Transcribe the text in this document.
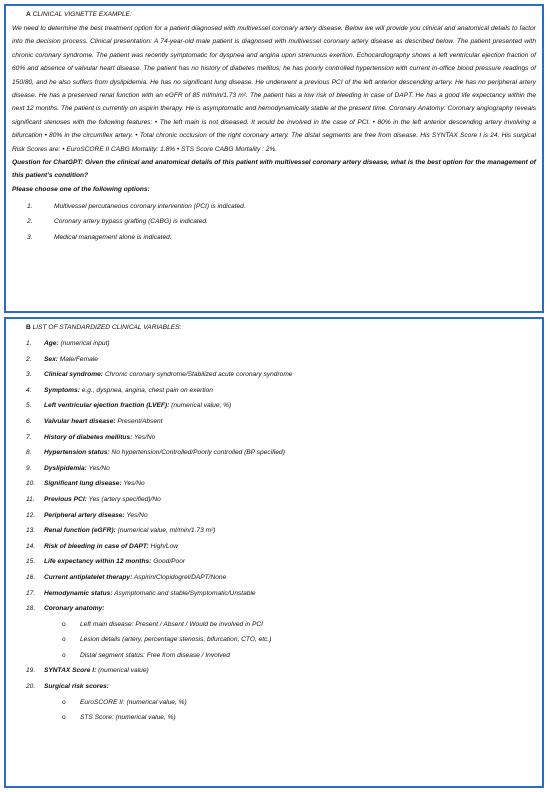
A CLINICAL VIGNETTE EXAMPLE:
We need to determine the best treatment option for a patient diagnosed with multivessel coronary artery disease. Below we will provide you clinical and anatomical details to factor into the decision process. Clinical presentation: A 74-year-old male patient is diagnosed with multivessel coronary artery disease as described below. The patient presented with chronic coronary syndrome. The patient was recently symptomatic for dyspnea and angina upon strenuous exertion. Echocardiography shows a left ventricular ejection fraction of 60% and absence of valvular heart disease. The patient has no history of diabetes mellitus; he has poorly controlled hypertension with current in-office blood pressure readings of 150/80, and he also suffers from dyslipidemia. He has no significant lung disease. He underwent a previous PCI of the left anterior descending artery. He has no peripheral artery disease. He has a preserved renal function with an eGFR of 85 ml/min/1.73 m². The patient has a low risk of bleeding in case of DAPT. He has a good life expectancy within the next 12 months. The patient is currently on aspirin therapy. He is asymptomatic and hemodynamically stable at the present time. Coronary Anatomy: Coronary angiography reveals significant stenoses with the following features: • The left main is not diseased. It would be involved in the case of PCI. • 80% in the left anterior descending artery involving a bifurcation • 80% in the circumflex artery. • Total chronic occlusion of the right coronary artery. The distal segments are free from disease. His SYNTAX Score I is 24. His surgical Risk Scores are: • EuroSCORE II CABG Mortality: 1.8% • STS Score CABG Mortality : 2%.
Question for ChatGPT: Given the clinical and anatomical details of this patient with multivessel coronary artery disease, what is the best option for the management of this patient’s condition?
Please choose one of the following options:
1.	Multivessel percutaneous coronary intervention (PCI) is indicated.
2.	Coronary artery bypass grafting (CABG) is indicated.
3.	Medical management alone is indicated.
B LIST OF STANDARDIZED CLINICAL VARIABLES:
1. Age: (numerical input)
2. Sex: Male/Female
3. Clinical syndrome: Chronic coronary syndrome/Stabilized acute coronary syndrome
4. Symptoms: e.g., dyspnea, angina, chest pain on exertion
5. Left ventricular ejection fraction (LVEF): (numerical value, %)
6. Valvular heart disease: Present/Absent
7. History of diabetes mellitus: Yes/No
8. Hypertension status: No hypertension/Controlled/Poorly controlled (BP specified)
9. Dyslipidemia: Yes/No
10. Significant lung disease: Yes/No
11. Previous PCI: Yes (artery specified)/No
12. Peripheral artery disease: Yes/No
13. Renal function (eGFR): (numerical value, ml/min/1.73 m²)
14. Risk of bleeding in case of DAPT: High/Low
15. Life expectancy within 12 months: Good/Poor
16. Current antiplatelet therapy: Aspirin/Clopidogrel/DAPT/None
17. Hemodynamic status: Asymptomatic and stable/Symptomatic/Unstable
18. Coronary anatomy:
o Left main disease: Present / Absent / Would be involved in PCI
o Lesion details (artery, percentage stenosis, bifurcation, CTO, etc.)
o Distal segment status: Free from disease / Involved
19. SYNTAX Score I: (numerical value)
20. Surgical risk scores:
o EuroSCORE II: (numerical value, %)
o STS Score: (numerical value, %)
